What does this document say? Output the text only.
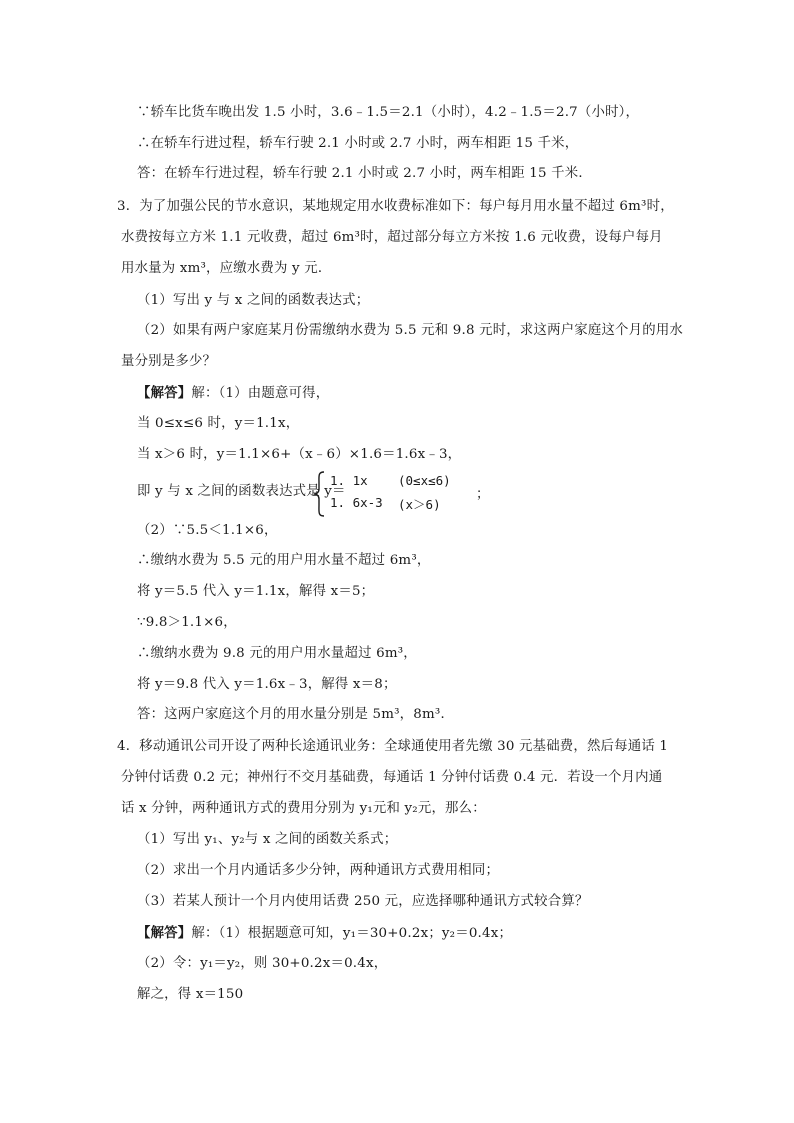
∵轿车比货车晚出发 1.5 小时，3.6﹣1.5＝2.1（小时），4.2﹣1.5＝2.7（小时），
∴在轿车行进过程，轿车行驶 2.1 小时或 2.7 小时，两车相距 15 千米，
答：在轿车行进过程，轿车行驶 2.1 小时或 2.7 小时，两车相距 15 千米．
3．为了加强公民的节水意识，某地规定用水收费标准如下：每户每月用水量不超过 6m³时，
水费按每立方米 1.1 元收费，超过 6m³时，超过部分每立方米按 1.6 元收费，设每户每月
用水量为 xm³，应缴水费为 y 元．
（1）写出 y 与 x 之间的函数表达式；
（2）如果有两户家庭某月份需缴纳水费为 5.5 元和 9.8 元时，求这两户家庭这个月的用水
量分别是多少？
【解答】解：（1）由题意可得，
当 0≤x≤6 时，y＝1.1x，
当 x＞6 时，y＝1.1×6+（x﹣6）×1.6＝1.6x﹣3，
即 y 与 x 之间的函数表达式是 y＝
1. 1x (0≤x≤6)
1. 6x-3 (x＞6)
；
（2）∵5.5＜1.1×6，
∴缴纳水费为 5.5 元的用户用水量不超过 6m³，
将 y＝5.5 代入 y＝1.1x，解得 x＝5；
∵9.8＞1.1×6，
∴缴纳水费为 9.8 元的用户用水量超过 6m³，
将 y＝9.8 代入 y＝1.6x﹣3，解得 x＝8；
答：这两户家庭这个月的用水量分别是 5m³，8m³．
4．移动通讯公司开设了两种长途通讯业务：全球通使用者先缴 30 元基础费，然后每通话 1
分钟付话费 0.2 元；神州行不交月基础费，每通话 1 分钟付话费 0.4 元．若设一个月内通
话 x 分钟，两种通讯方式的费用分别为 y₁元和 y₂元，那么：
（1）写出 y₁、y₂与 x 之间的函数关系式；
（2）求出一个月内通话多少分钟，两种通讯方式费用相同；
（3）若某人预计一个月内使用话费 250 元，应选择哪种通讯方式较合算？
【解答】解：（1）根据题意可知，y₁＝30+0.2x；y₂＝0.4x；
（2）令：y₁＝y₂，则 30+0.2x＝0.4x，
解之，得 x＝150
